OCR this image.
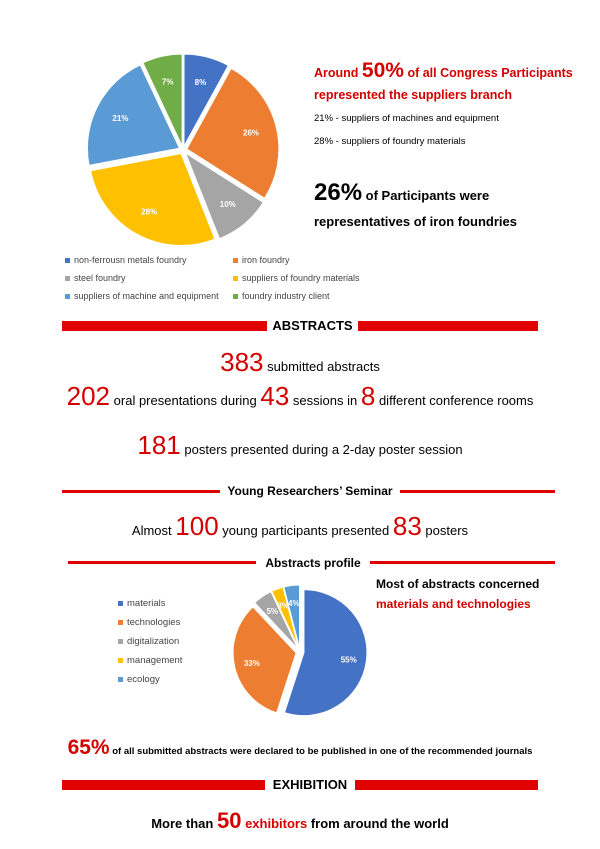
8%
26%
10%
28%
21%
7%
55%
33%
5%
3%
4%
non-ferrousn metals foundry	iron foundry
steel foundry	suppliers of foundry materials
suppliers of machine and equipment	foundry industry client
Around 50% of all Congress Participants
represented the suppliers branch
21% - suppliers of machines and equipment
28% - suppliers of foundry materials
26% of Participants were
representatives of iron foundries
ABSTRACTS
383 submitted abstracts
202 oral presentations during 43 sessions in 8 different conference rooms
181 posters presented during a 2-day poster session
Young Researchers’ Seminar
Almost 100 young participants presented 83 posters
Abstracts profile
materials
technologies
digitalization
management
ecology
Most of abstracts concerned
materials and technologies
65% of all submitted abstracts were declared to be published in one of the recommended journals
EXHIBITION
More than 50 exhibitors from around the world
